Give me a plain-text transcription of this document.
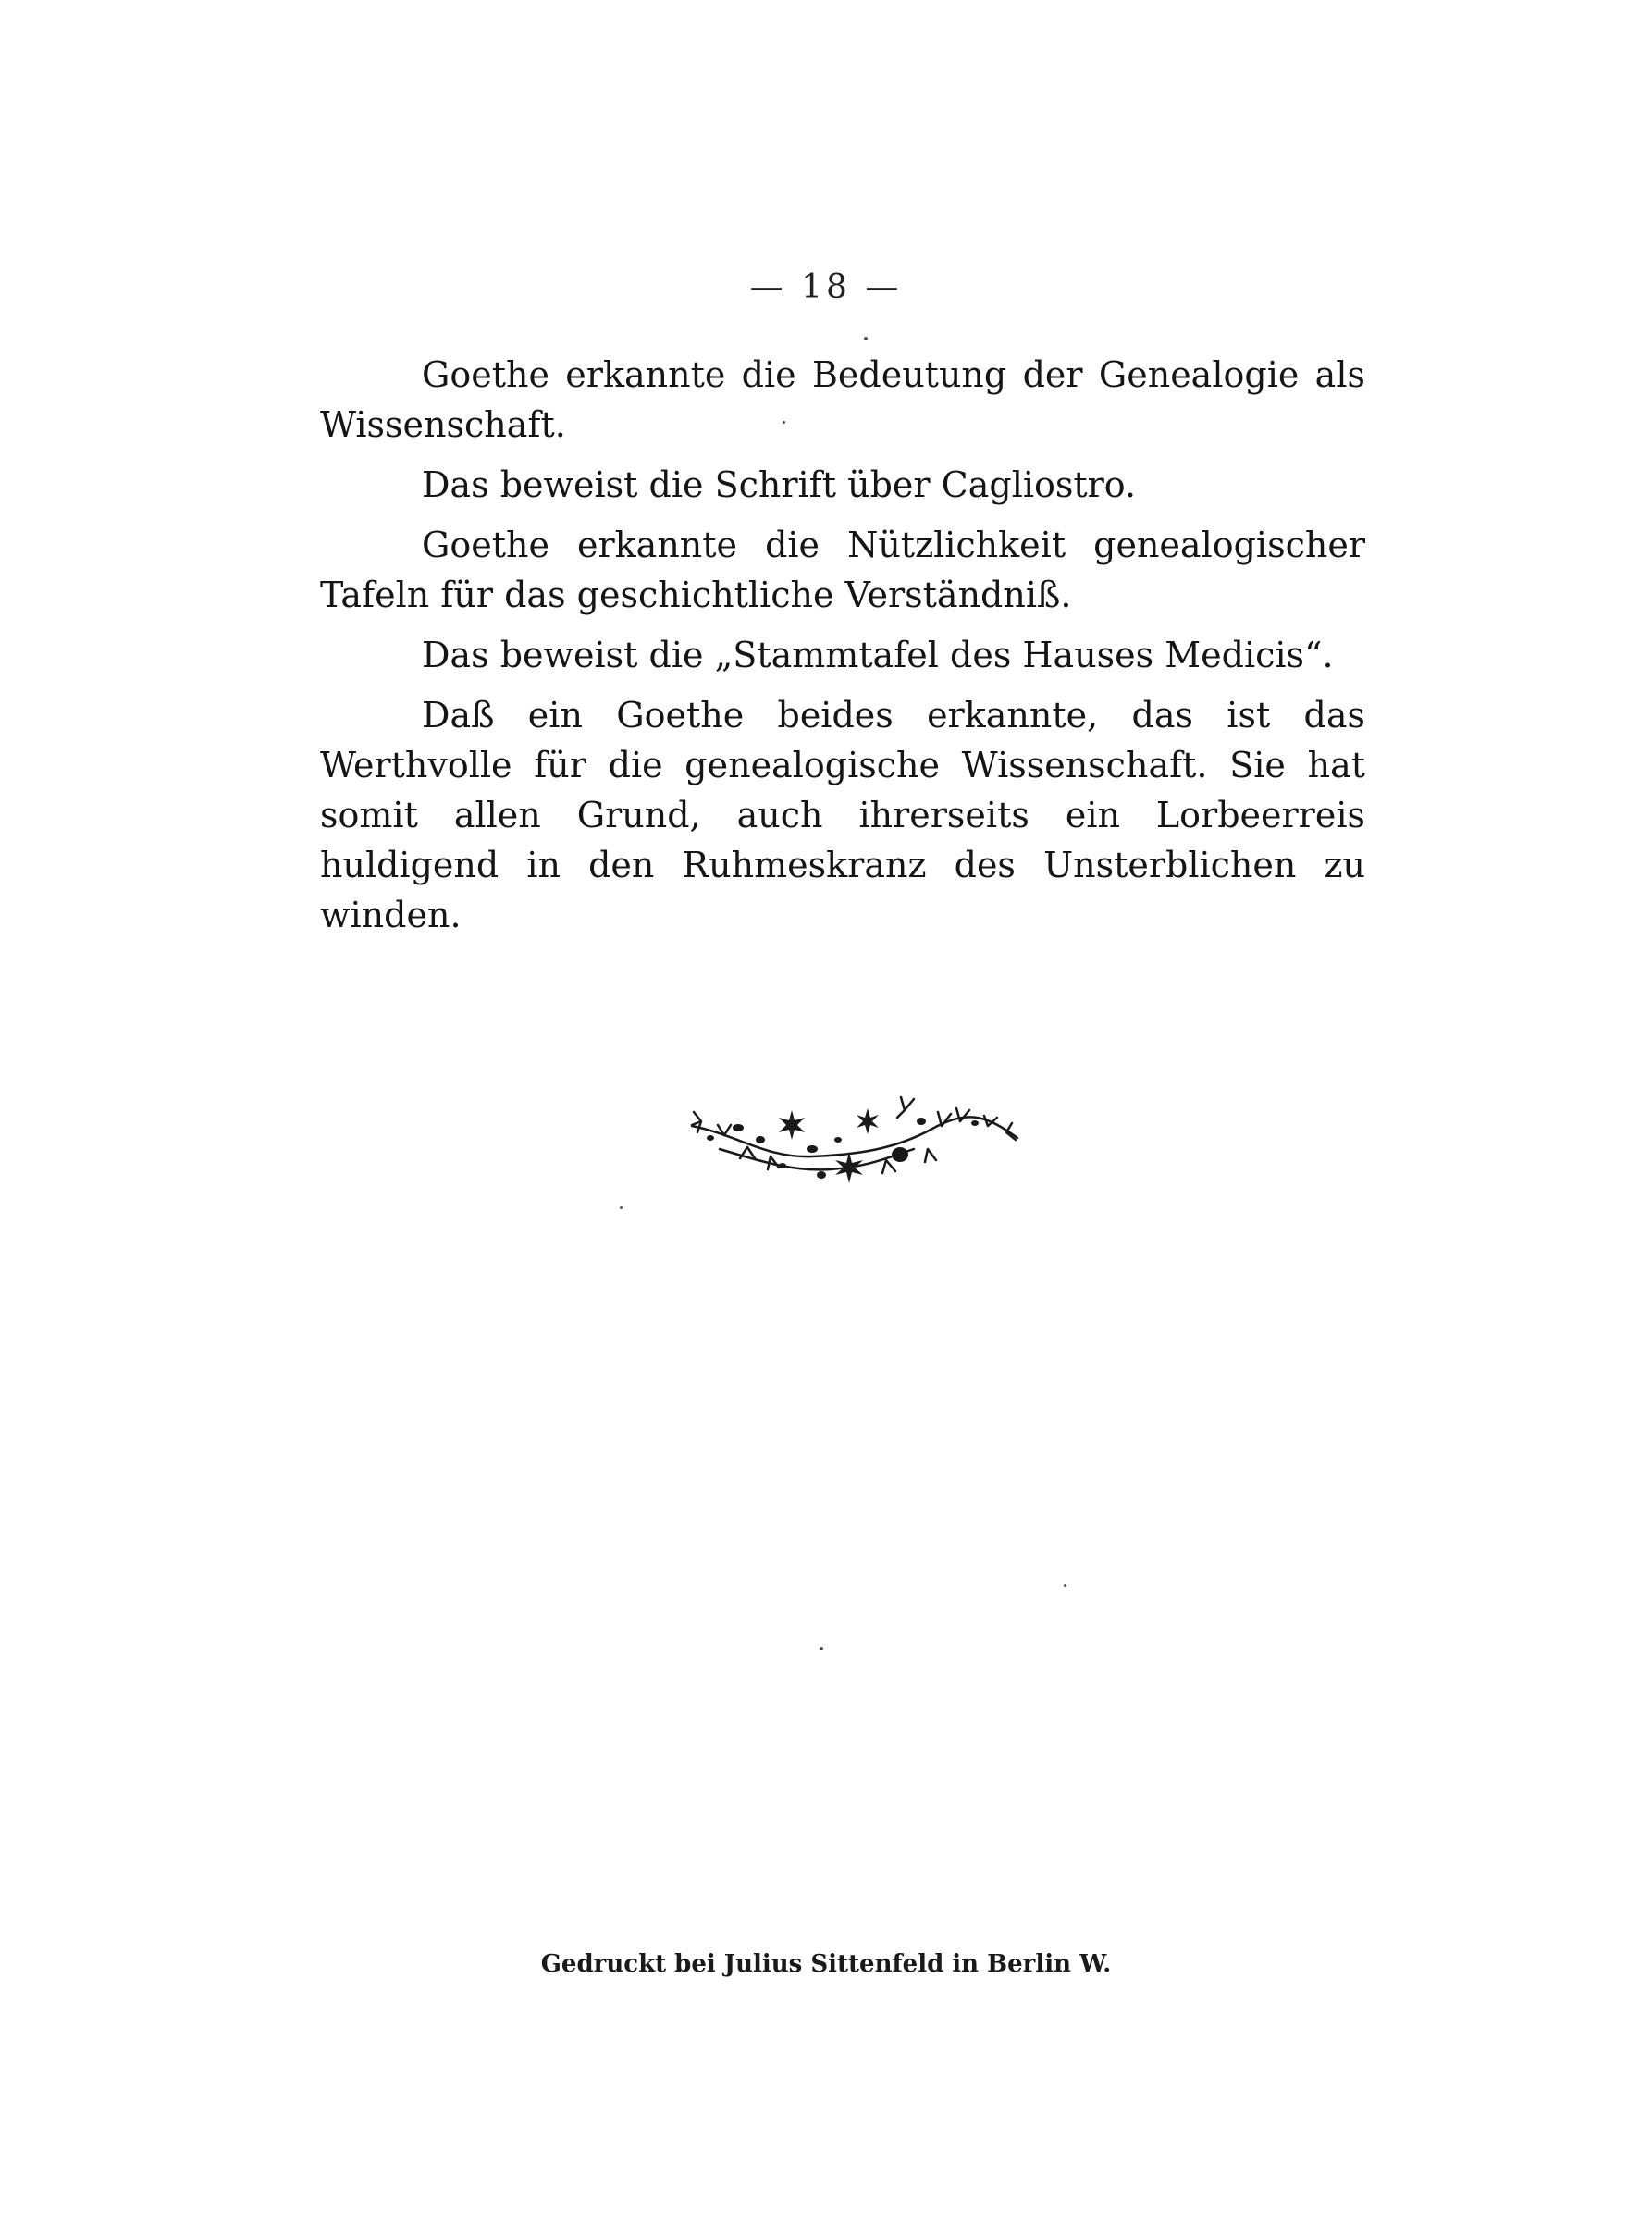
— 18 —

Goethe erkannte die Bedeutung der Genealogie als Wissenschaft.

Das beweist die Schrift über Cagliostro.

Goethe erkannte die Nützlichkeit genealogischer Tafeln für das geschichtliche Verständniß.

Das beweist die „Stammtafel des Hauses Medicis“.

Daß ein Goethe beides erkannte, das ist das Werthvolle für die genealogische Wissenschaft. Sie hat somit allen Grund, auch ihrerseits ein Lorbeerreis huldigend in den Ruhmeskranz des Unsterblichen zu winden.

Gedruckt bei Julius Sittenfeld in Berlin W.
